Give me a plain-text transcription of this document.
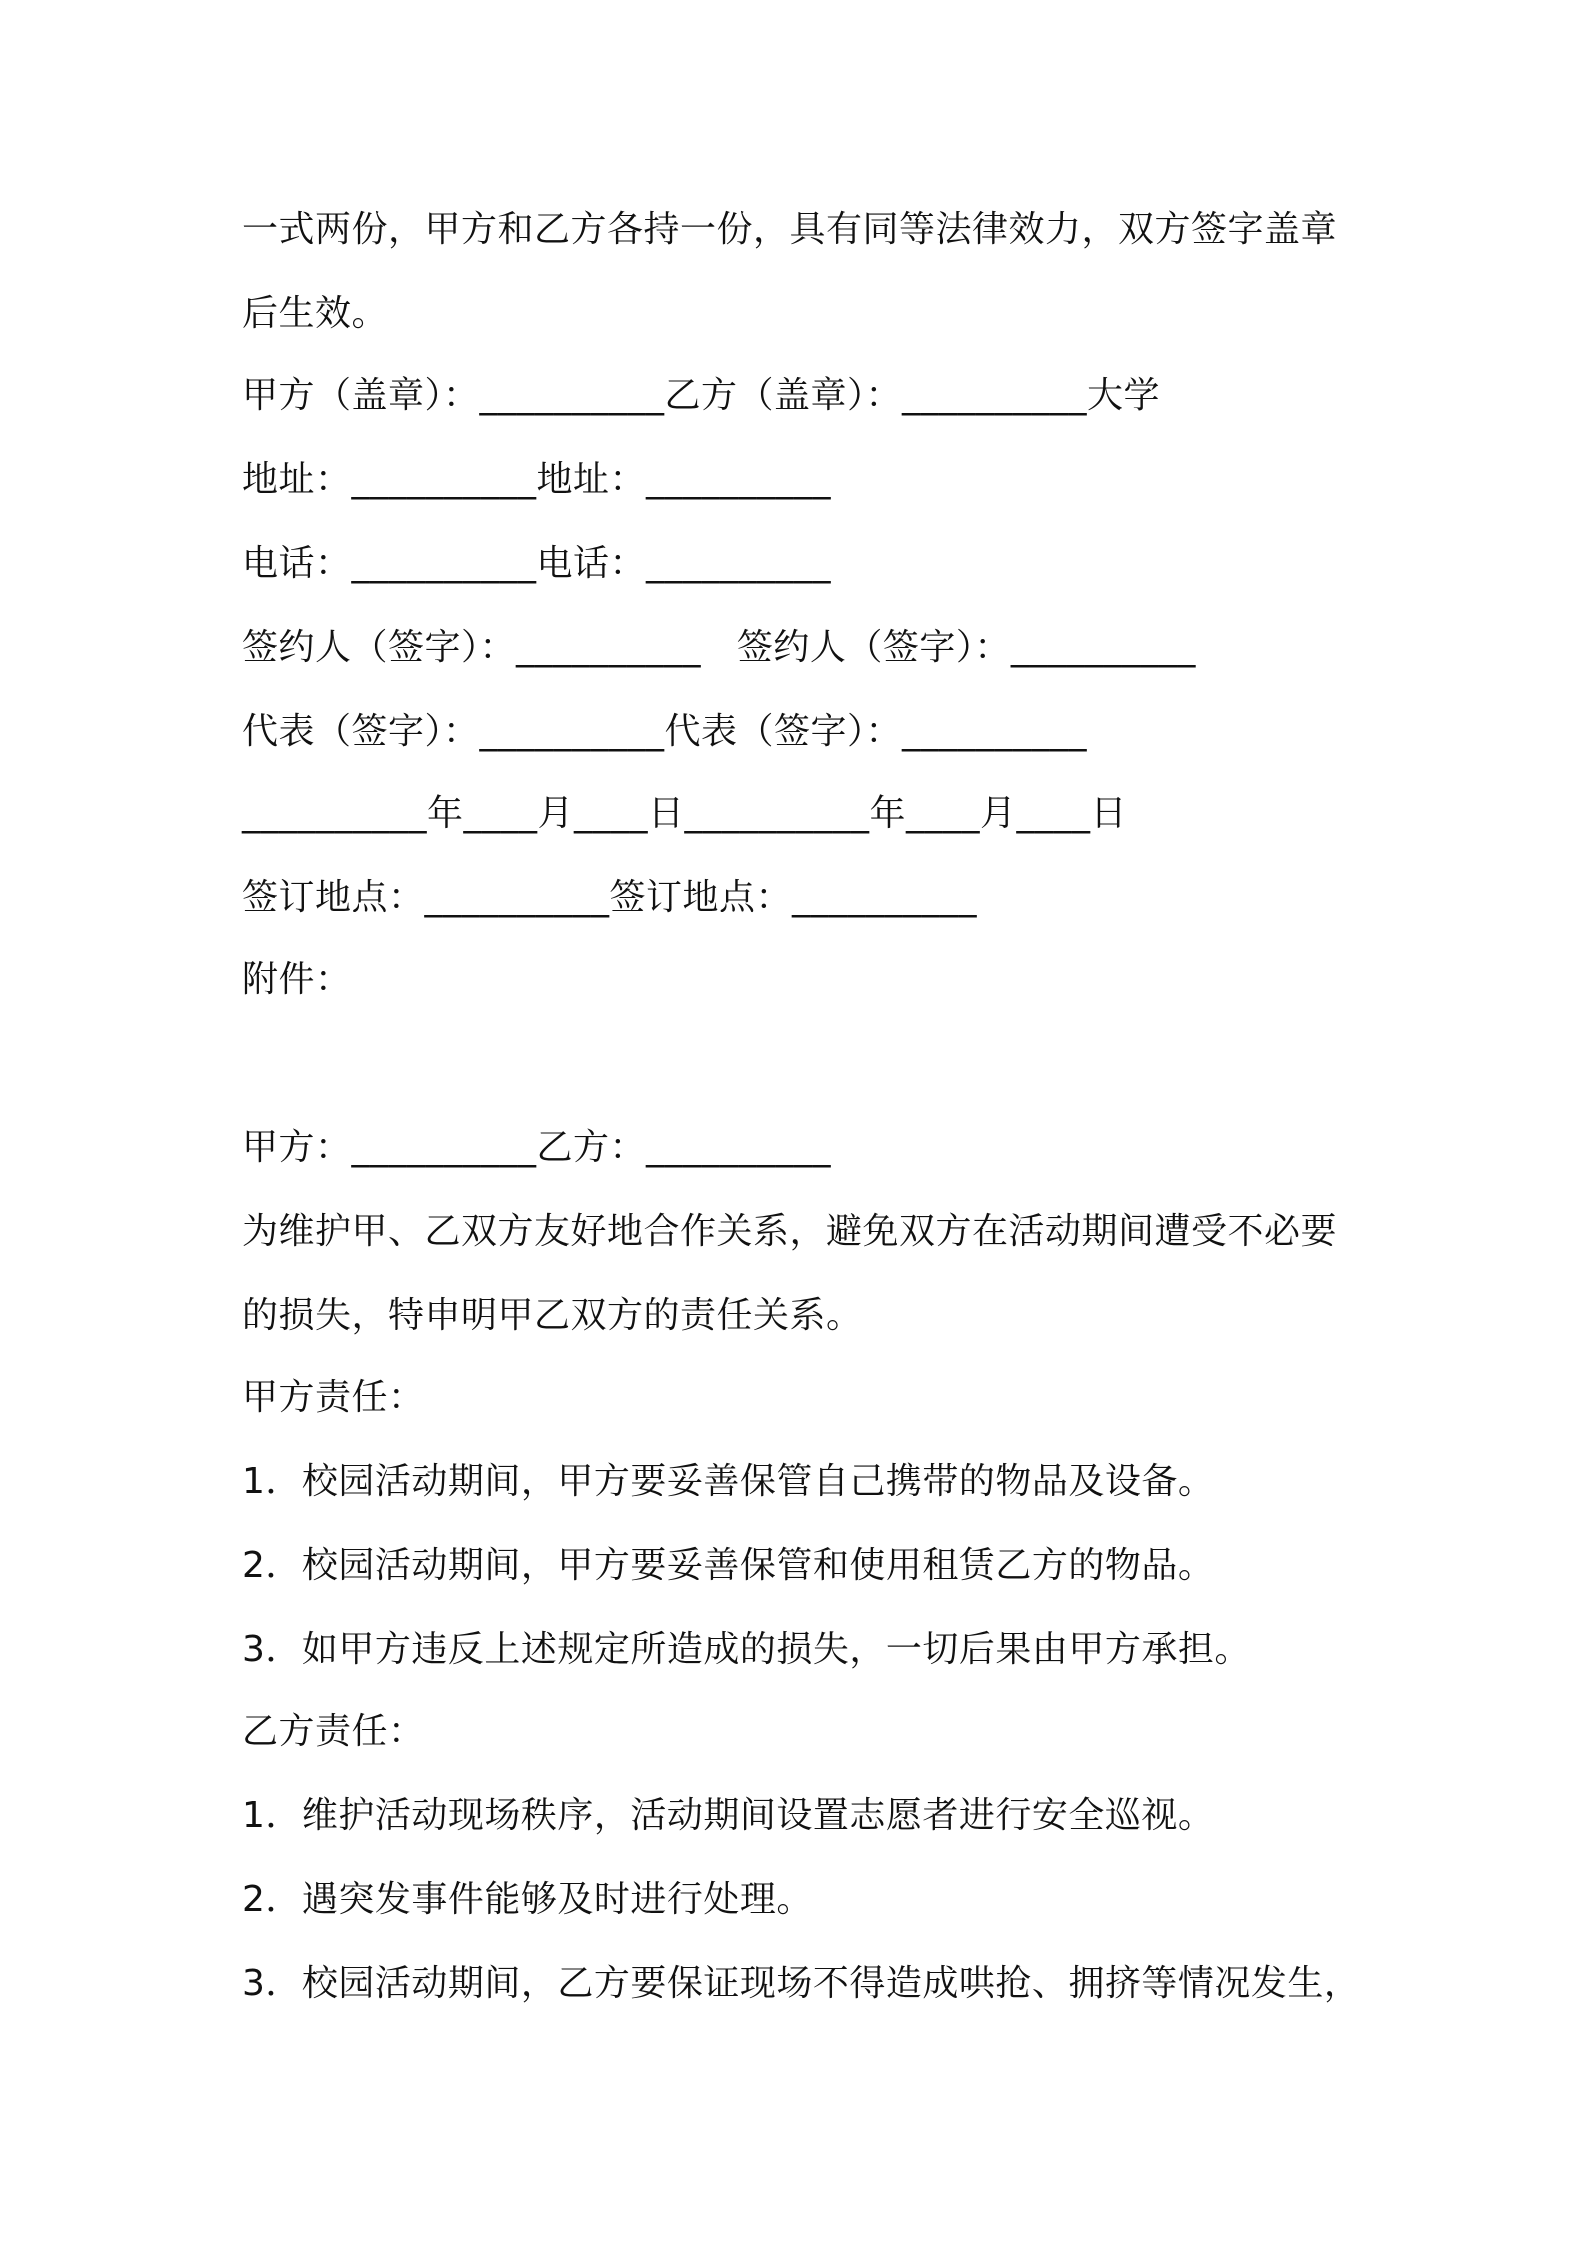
一式两份，甲方和乙方各持一份，具有同等法律效力，双方签字盖章
后生效。
甲方（盖章）：__________乙方（盖章）：__________大学
地址：__________地址：__________
电话：__________电话：__________
签约人（签字）：__________   签约人（签字）：__________
代表（签字）：__________代表（签字）：__________
__________年____月____日__________年____月____日
签订地点：__________签订地点：__________
附件：
甲方：__________乙方：__________
为维护甲、乙双方友好地合作关系，避免双方在活动期间遭受不必要
的损失，特申明甲乙双方的责任关系。
甲方责任：
1．校园活动期间，甲方要妥善保管自己携带的物品及设备。
2．校园活动期间，甲方要妥善保管和使用租赁乙方的物品。
3．如甲方违反上述规定所造成的损失，一切后果由甲方承担。
乙方责任：
1．维护活动现场秩序，活动期间设置志愿者进行安全巡视。
2．遇突发事件能够及时进行处理。
3．校园活动期间，乙方要保证现场不得造成哄抢、拥挤等情况发生，
